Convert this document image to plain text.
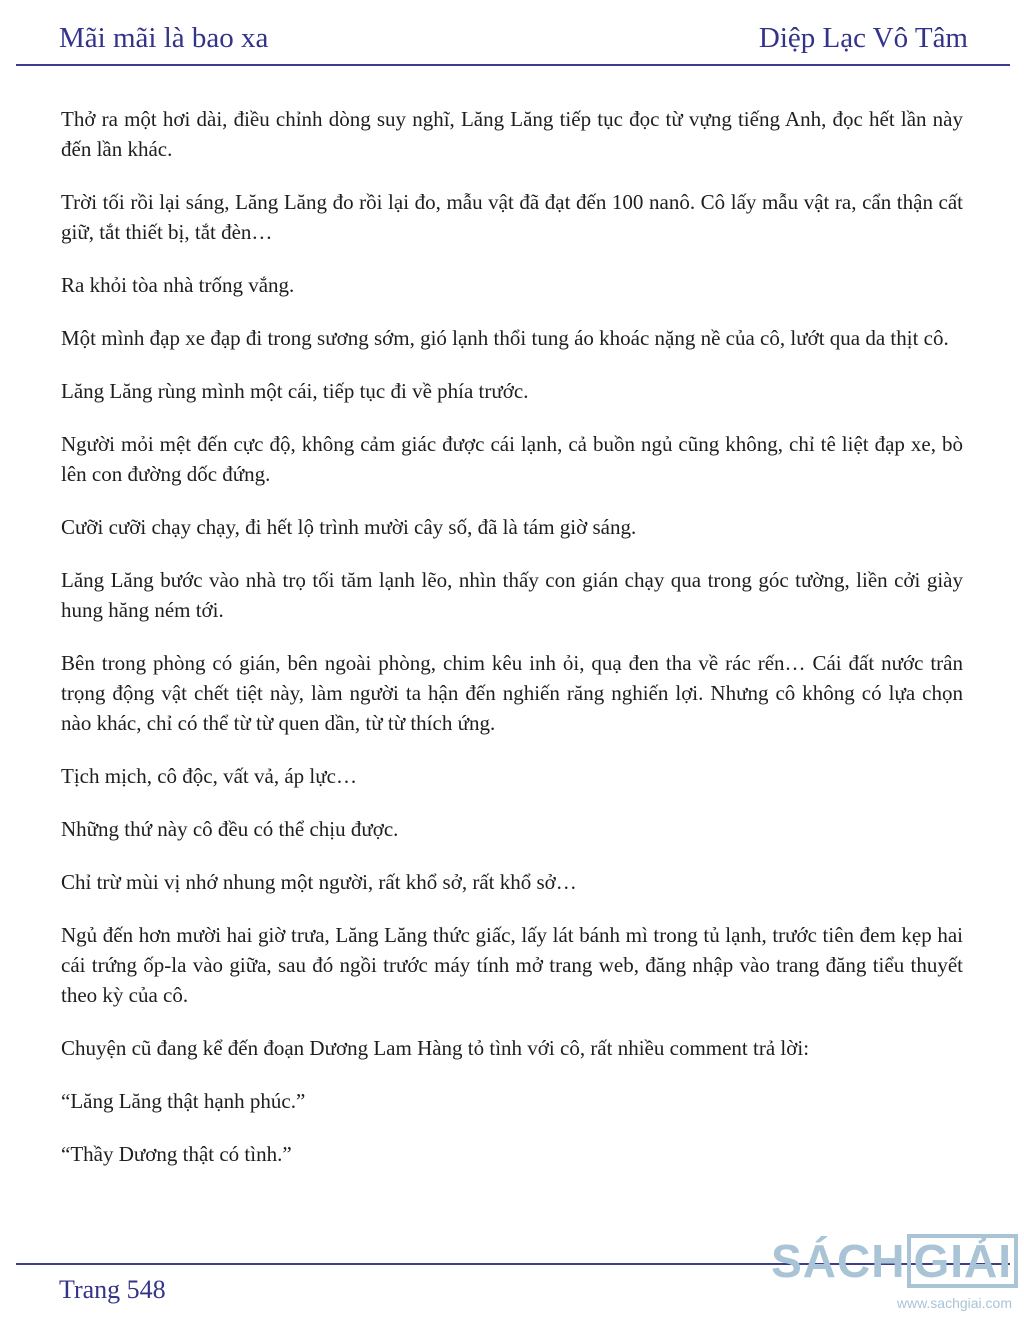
Mãi mãi là bao xa	Diệp Lạc Vô Tâm

Thở ra một hơi dài, điều chỉnh dòng suy nghĩ, Lăng Lăng tiếp tục đọc từ vựng tiếng Anh, đọc hết lần này đến lần khác.

Trời tối rồi lại sáng, Lăng Lăng đo rồi lại đo, mẫu vật đã đạt đến 100 nanô. Cô lấy mẫu vật ra, cẩn thận cất giữ, tắt thiết bị, tắt đèn…

Ra khỏi tòa nhà trống vắng.

Một mình đạp xe đạp đi trong sương sớm, gió lạnh thổi tung áo khoác nặng nề của cô, lướt qua da thịt cô.

Lăng Lăng rùng mình một cái, tiếp tục đi về phía trước.

Người mỏi mệt đến cực độ, không cảm giác được cái lạnh, cả buồn ngủ cũng không, chỉ tê liệt đạp xe, bò lên con đường dốc đứng.

Cưỡi cưỡi chạy chạy, đi hết lộ trình mười cây số, đã là tám giờ sáng.

Lăng Lăng bước vào nhà trọ tối tăm lạnh lẽo, nhìn thấy con gián chạy qua trong góc tường, liền cởi giày hung hăng ném tới.

Bên trong phòng có gián, bên ngoài phòng, chim kêu inh ỏi, quạ đen tha về rác rến… Cái đất nước trân trọng động vật chết tiệt này, làm người ta hận đến nghiến răng nghiến lợi. Nhưng cô không có lựa chọn nào khác, chỉ có thể từ từ quen dần, từ từ thích ứng.

Tịch mịch, cô độc, vất vả, áp lực…

Những thứ này cô đều có thể chịu được.

Chỉ trừ mùi vị nhớ nhung một người, rất khổ sở, rất khổ sở…

Ngủ đến hơn mười hai giờ trưa, Lăng Lăng thức giấc, lấy lát bánh mì trong tủ lạnh, trước tiên đem kẹp hai cái trứng ốp-la vào giữa, sau đó ngồi trước máy tính mở trang web, đăng nhập vào trang đăng tiểu thuyết theo kỳ của cô.

Chuyện cũ đang kể đến đoạn Dương Lam Hàng tỏ tình với cô, rất nhiều comment trả lời:

“Lăng Lăng thật hạnh phúc.”

“Thầy Dương thật có tình.”

Trang 548
SÁCH GIẢI
www.sachgiai.com
